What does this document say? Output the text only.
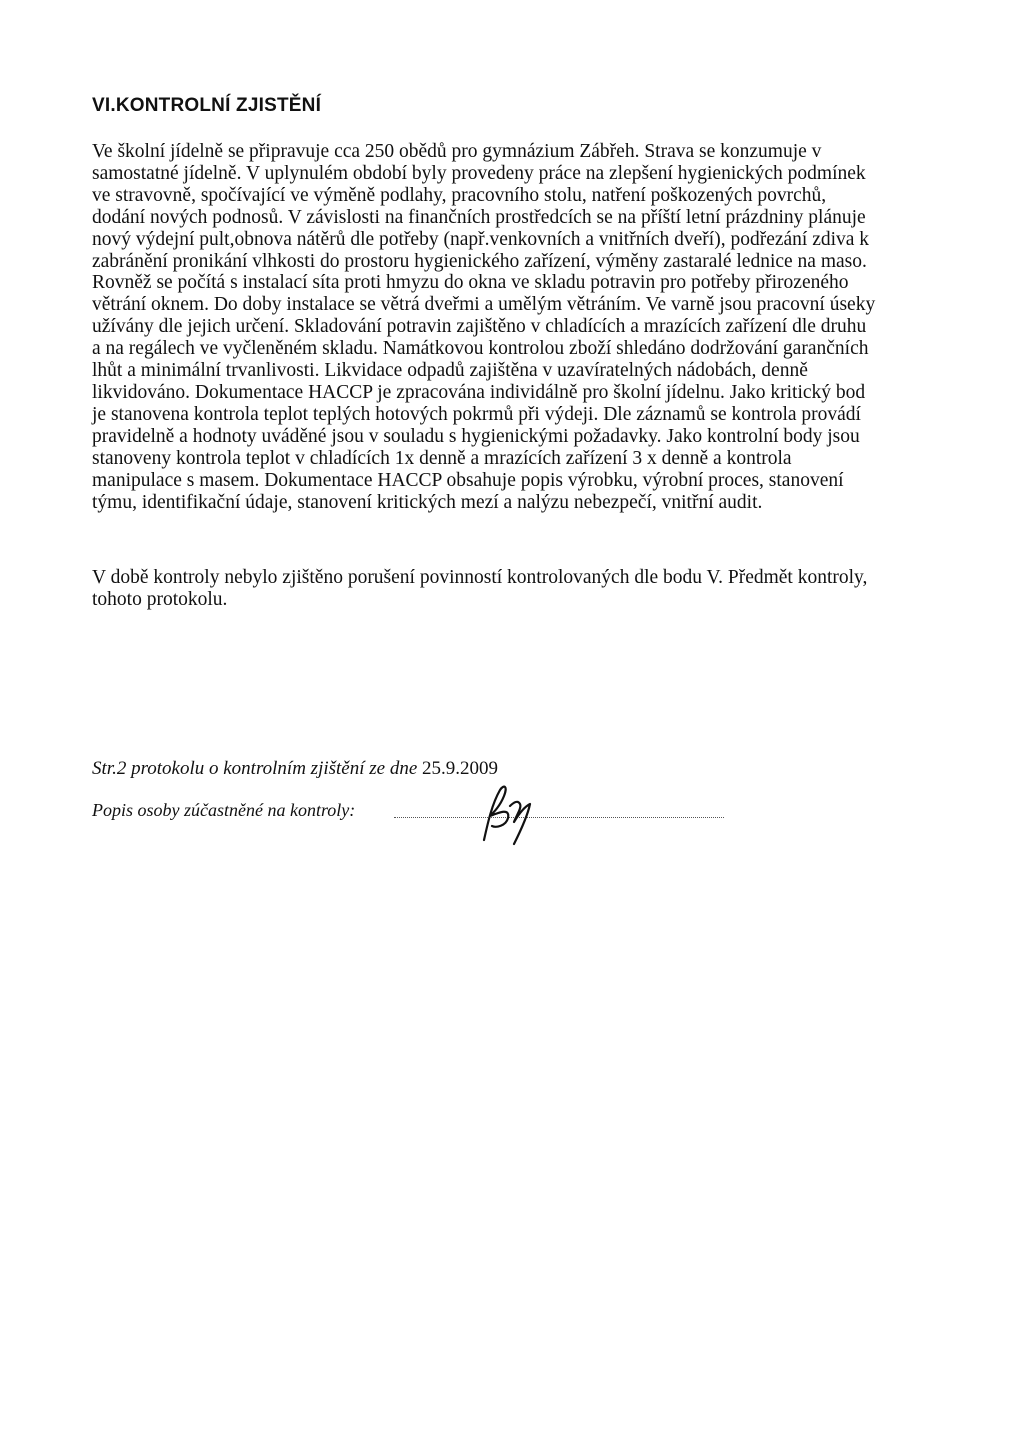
VI.KONTROLNÍ ZJISTĚNÍ
Ve školní jídelně se připravuje cca 250 obědů pro gymnázium Zábřeh. Strava se konzumuje v
samostatné jídelně. V uplynulém období byly provedeny práce na zlepšení hygienických podmínek
ve stravovně, spočívající ve výměně podlahy, pracovního stolu, natření poškozených povrchů,
dodání nových podnosů. V závislosti na finančních prostředcích se na příští letní prázdniny plánuje
nový výdejní pult,obnova nátěrů dle potřeby (např.venkovních a vnitřních dveří), podřezání zdiva k
zabránění pronikání vlhkosti do prostoru hygienického zařízení, výměny zastaralé lednice na maso.
Rovněž se počítá s instalací síta proti hmyzu do okna ve skladu potravin pro potřeby přirozeného
větrání oknem. Do doby instalace se větrá dveřmi a umělým větráním. Ve varně jsou pracovní úseky
užívány dle jejich určení. Skladování potravin zajištěno v chladících a mrazících zařízení dle druhu
a na regálech ve vyčleněném skladu. Namátkovou kontrolou zboží shledáno dodržování garančních
lhůt a minimální trvanlivosti. Likvidace odpadů zajištěna v uzavíratelných nádobách, denně
likvidováno. Dokumentace HACCP je zpracována individálně pro školní jídelnu. Jako kritický bod
je stanovena kontrola teplot teplých hotových pokrmů při výdeji. Dle záznamů se kontrola provádí
pravidelně a hodnoty uváděné jsou v souladu s hygienickými požadavky. Jako kontrolní body jsou
stanoveny kontrola teplot v chladících 1x denně a mrazících zařízení 3 x denně a kontrola
manipulace s masem. Dokumentace HACCP obsahuje popis výrobku, výrobní proces, stanovení
týmu, identifikační údaje, stanovení kritických mezí a nalýzu nebezpečí, vnitřní audit.
V době kontroly nebylo zjištěno porušení povinností kontrolovaných dle bodu V. Předmět kontroly,
tohoto protokolu.

Str.2 protokolu o kontrolním zjištění ze dne 25.9.2009

Popis osoby zúčastněné na kontroly:
